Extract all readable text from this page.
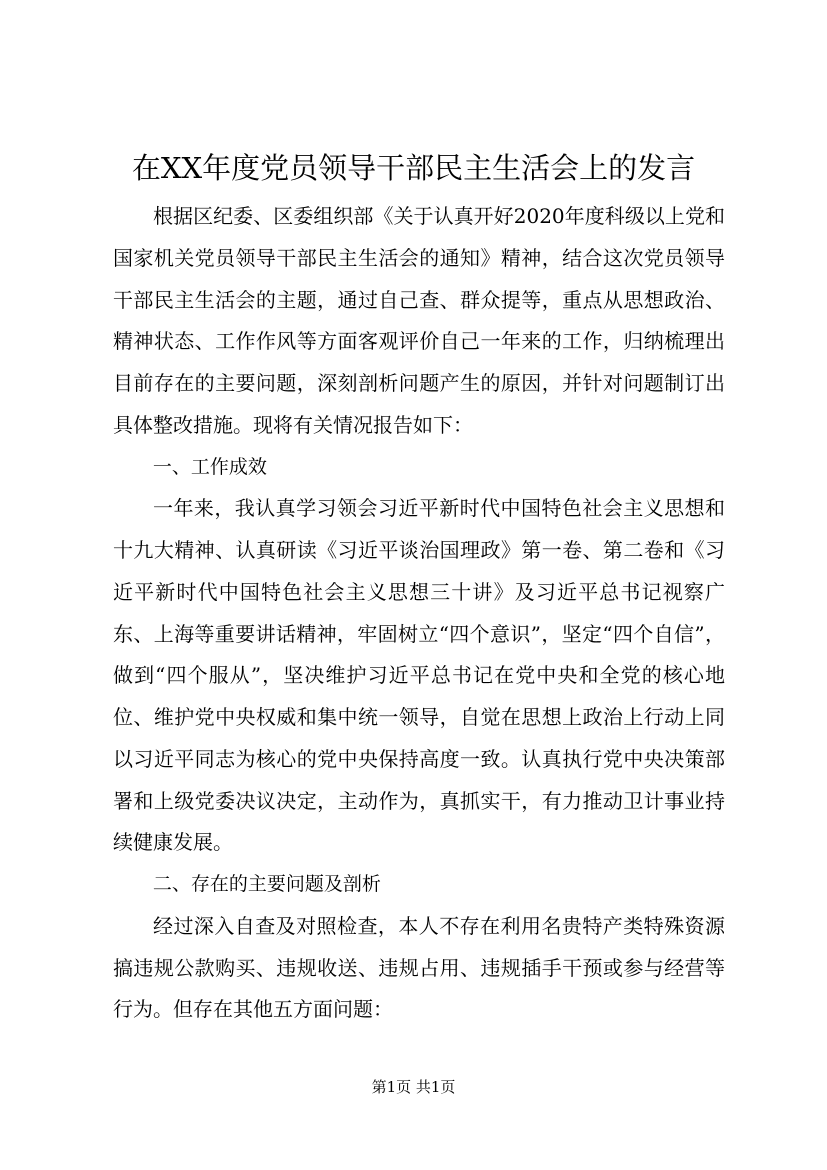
在XX年度党员领导干部民主生活会上的发言

根据区纪委、区委组织部《关于认真开好2020年度科级以上党和国家机关党员领导干部民主生活会的通知》精神，结合这次党员领导干部民主生活会的主题，通过自己查、群众提等，重点从思想政治、精神状态、工作作风等方面客观评价自己一年来的工作，归纳梳理出目前存在的主要问题，深刻剖析问题产生的原因，并针对问题制订出具体整改措施。现将有关情况报告如下：

一、工作成效

一年来，我认真学习领会习近平新时代中国特色社会主义思想和十九大精神、认真研读《习近平谈治国理政》第一卷、第二卷和《习近平新时代中国特色社会主义思想三十讲》及习近平总书记视察广东、上海等重要讲话精神，牢固树立“四个意识”，坚定“四个自信”，做到“四个服从”，坚决维护习近平总书记在党中央和全党的核心地位、维护党中央权威和集中统一领导，自觉在思想上政治上行动上同以习近平同志为核心的党中央保持高度一致。认真执行党中央决策部署和上级党委决议决定，主动作为，真抓实干，有力推动卫计事业持续健康发展。

二、存在的主要问题及剖析

经过深入自查及对照检查，本人不存在利用名贵特产类特殊资源搞违规公款购买、违规收送、违规占用、违规插手干预或参与经营等行为。但存在其他五方面问题：

第1页 共1页
